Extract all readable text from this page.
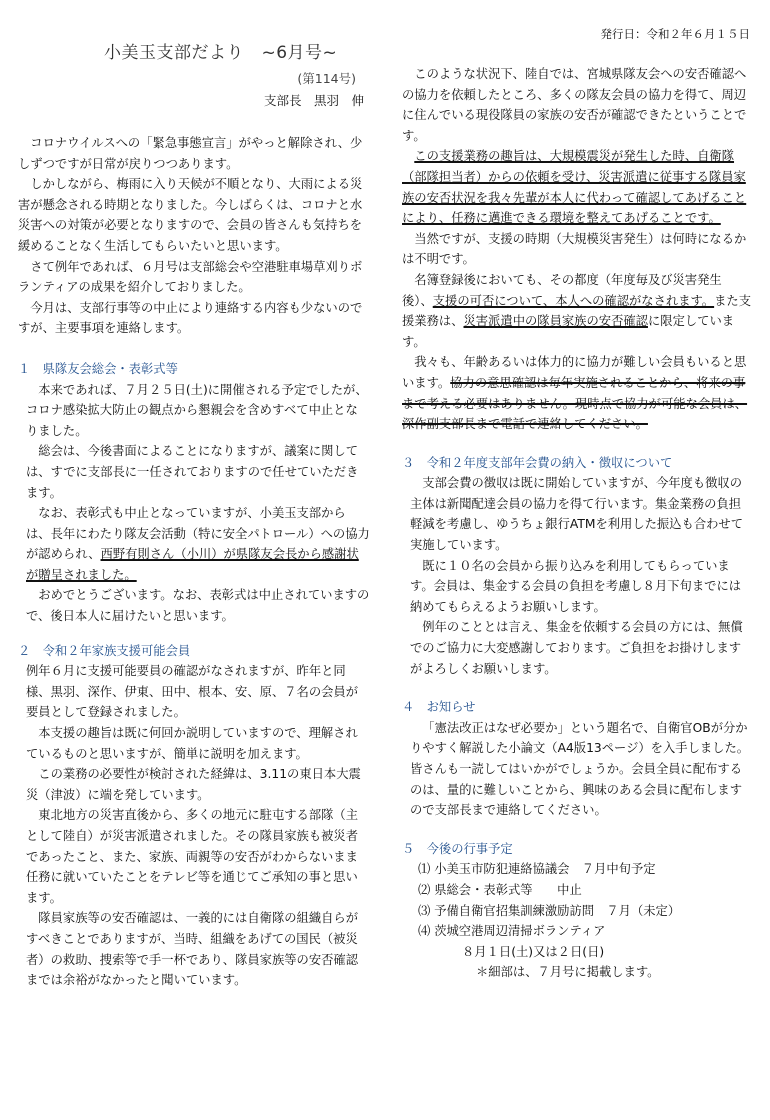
発行日：令和２年６月１５日
小美玉支部だより　~6月号~
(第114号)
支部長　黒羽　伸

コロナウイルスへの「緊急事態宣言」がやっと解除され、少しずつですが日常が戻りつつあります。

しかしながら、梅雨に入り天候が不順となり、大雨による災害が懸念される時期となりました。今しばらくは、コロナと水災害への対策が必要となりますので、会員の皆さんも気持ちを緩めることなく生活してもらいたいと思います。

さて例年であれば、６月号は支部総会や空港駐車場草刈りボランティアの成果を紹介しておりました。

今月は、支部行事等の中止により連絡する内容も少ないのですが、主要事項を連絡します。

１　県隊友会総会・表彰式等

本来であれば、７月２５日(土)に開催される予定でしたが、コロナ感染拡大防止の観点から懇親会を含めすべて中止となりました。

総会は、今後書面によることになりますが、議案に関しては、すでに支部長に一任されておりますので任せていただきます。

なお、表彰式も中止となっていますが、小美玉支部からは、長年にわたり隊友会活動（特に安全パトロール）への協力が認められ、西野有則さん（小川）が県隊友会長から感謝状が贈呈されました。

おめでとうございます。なお、表彰式は中止されていますので、後日本人に届けたいと思います。

２　令和２年家族支援可能会員

例年６月に支援可能要員の確認がなされますが、昨年と同様、黒羽、深作、伊東、田中、根本、安、原、７名の会員が要員として登録されました。

本支援の趣旨は既に何回か説明していますので、理解されているものと思いますが、簡単に説明を加えます。

この業務の必要性が検討された経緯は、3.11の東日本大震災（津波）に端を発しています。

東北地方の災害直後から、多くの地元に駐屯する部隊（主として陸自）が災害派遣されました。その隊員家族も被災者であったこと、また、家族、両親等の安否がわからないまま任務に就いていたことをテレビ等を通じてご承知の事と思います。

隊員家族等の安否確認は、一義的には自衛隊の組織自らがすべきことでありますが、当時、組織をあげての国民（被災者）の救助、捜索等で手一杯であり、隊員家族等の安否確認までは余裕がなかったと聞いています。

このような状況下、陸自では、宮城県隊友会への安否確認への協力を依頼したところ、多くの隊友会員の協力を得て、周辺に住んでいる現役隊員の家族の安否が確認できたということです。

この支援業務の趣旨は、大規模震災が発生した時、自衛隊（部隊担当者）からの依頼を受け、災害派遣に従事する隊員家族の安否状況を我々先輩が本人に代わって確認してあげることにより、任務に邁進できる環境を整えてあげることです。

当然ですが、支援の時期（大規模災害発生）は何時になるかは不明です。

名簿登録後においても、その都度（年度毎及び災害発生後）、支援の可否について、本人への確認がなされます。また支援業務は、災害派遣中の隊員家族の安否確認に限定しています。

我々も、年齢あるいは体力的に協力が難しい会員もいると思います。協力の意思確認は毎年実施されることから、将来の事まで考える必要はありません。現時点で協力が可能な会員は、深作副支部長まで電話で連絡してください。

３　令和２年度支部年会費の納入・徴収について

支部会費の徴収は既に開始していますが、今年度も徴収の主体は新聞配達会員の協力を得て行います。集金業務の負担軽減を考慮し、ゆうちょ銀行ATMを利用した振込も合わせて実施しています。

既に１０名の会員から振り込みを利用してもらっています。会員は、集金する会員の負担を考慮し８月下旬までには納めてもらえるようお願いします。

例年のこととは言え、集金を依頼する会員の方には、無償でのご協力に大変感謝しております。ご負担をお掛けしますがよろしくお願いします。

４　お知らせ

「憲法改正はなぜ必要か」という題名で、自衛官OBが分かりやすく解説した小論文（A4版13ページ）を入手しました。皆さんも一読してはいかがでしょうか。会員全員に配布するのは、量的に難しいことから、興味のある会員に配布しますので支部長まで連絡してください。

５　今後の行事予定

⑴ 小美玉市防犯連絡協議会　７月中旬予定

⑵ 県総会・表彰式等　　中止

⑶ 予備自衛官招集訓練激励訪問　７月（未定）

⑷ 茨城空港周辺清掃ボランティア

８月１日(土)又は２日(日)

＊細部は、７月号に掲載します。
